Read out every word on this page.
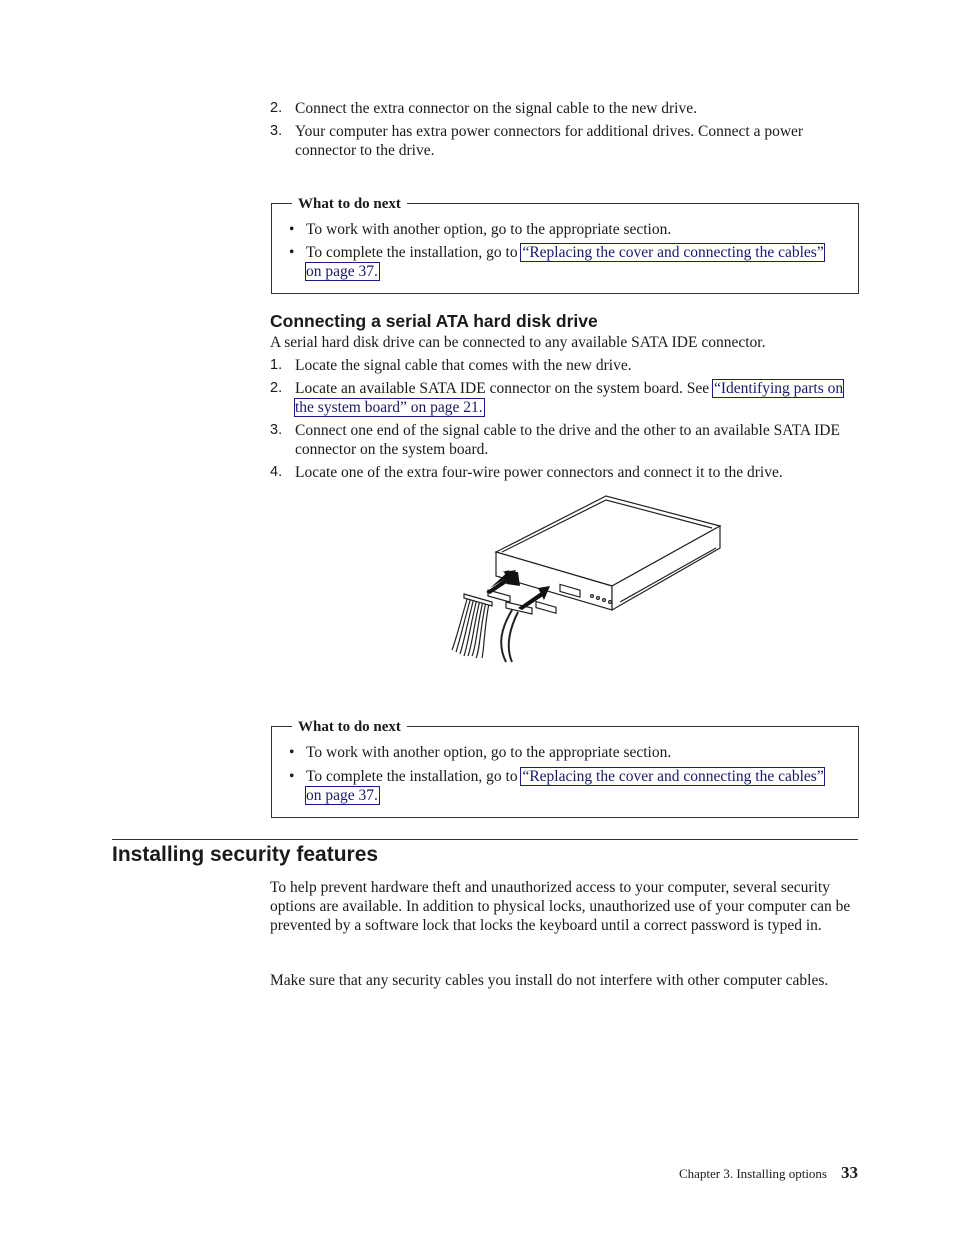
2. Connect the extra connector on the signal cable to the new drive.
3. Your computer has extra power connectors for additional drives. Connect a power connector to the drive.
What to do next
• To work with another option, go to the appropriate section.
• To complete the installation, go to “Replacing the cover and connecting the cables” on page 37.
Connecting a serial ATA hard disk drive
A serial hard disk drive can be connected to any available SATA IDE connector.
1. Locate the signal cable that comes with the new drive.
2. Locate an available SATA IDE connector on the system board. See “Identifying parts on the system board” on page 21.
3. Connect one end of the signal cable to the drive and the other to an available SATA IDE connector on the system board.
4. Locate one of the extra four-wire power connectors and connect it to the drive.
What to do next
• To work with another option, go to the appropriate section.
• To complete the installation, go to “Replacing the cover and connecting the cables” on page 37.
Installing security features
To help prevent hardware theft and unauthorized access to your computer, several security options are available. In addition to physical locks, unauthorized use of your computer can be prevented by a software lock that locks the keyboard until a correct password is typed in.
Make sure that any security cables you install do not interfere with other computer cables.
Chapter 3. Installing options 33
